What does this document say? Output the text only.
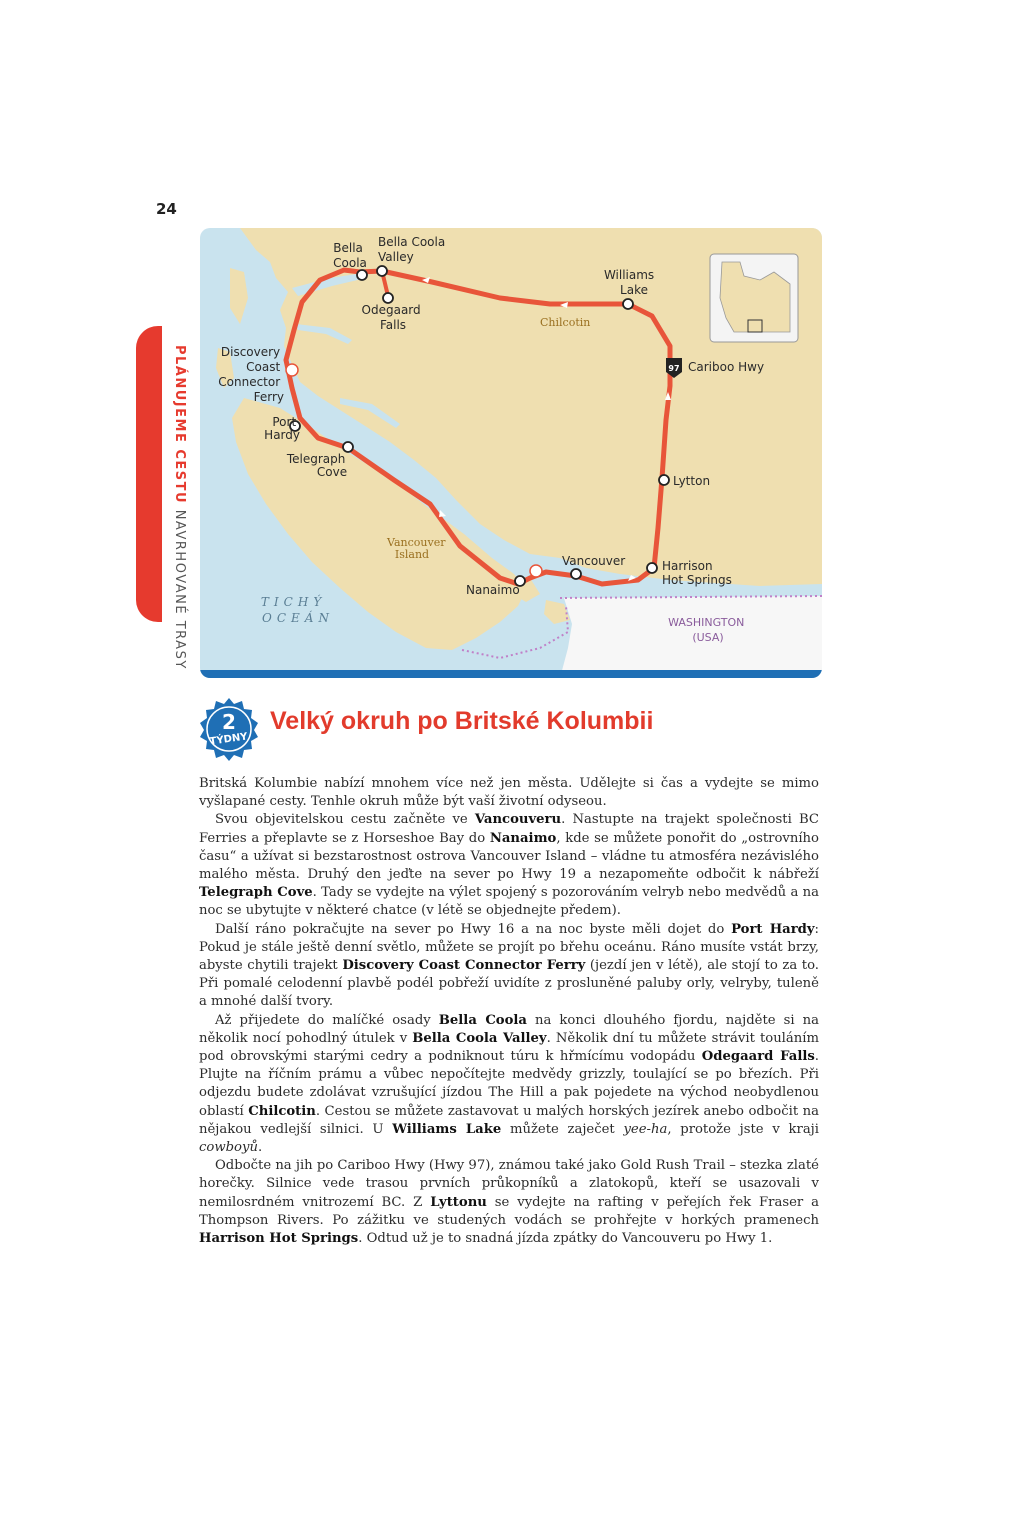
24
PLÁNUJEME CESTU NAVRHOVANÉ TRASY
97
Bella Coola
Bella Coola Valley
Odegaard Falls
Williams Lake
Discovery Coast Connector Ferry
Port Hardy
Telegraph Cove
Lytton
Cariboo Hwy
Vancouver	Harrison Hot Springs
Nanaimo
Chilcotin
Vancouver Island
TICHÝ OCEÁN	WASHINGTON (USA)
2
TÝDNY
Velký okruh po Britské Kolumbii

Britská Kolumbie nabízí mnohem více než jen města. Udělejte si čas a vydejte se mimo vyšlapané cesty. Tenhle okruh může být vaší životní odyseou.

Svou objevitelskou cestu začněte ve Vancouveru. Nastupte na trajekt společnosti BC Ferries a přeplavte se z Horseshoe Bay do Nanaimo, kde se můžete ponořit do „ostrovního času“ a užívat si bezstarostnost ostrova Vancouver Island – vládne tu atmosféra nezávislého malého města. Druhý den jeďte na sever po Hwy 19 a nezapomeňte odbočit k nábřeží Telegraph Cove. Tady se vydejte na výlet spojený s pozorováním velryb nebo medvědů a na noc se ubytujte v některé chatce (v létě se objednejte předem).

Další ráno pokračujte na sever po Hwy 16 a na noc byste měli dojet do Port Hardy: Pokud je stále ještě denní světlo, můžete se projít po břehu oceánu. Ráno musíte vstát brzy, abyste chytili trajekt Discovery Coast Connector Ferry (jezdí jen v létě), ale stojí to za to. Při pomalé celodenní plavbě podél pobřeží uvidíte z prosluněné paluby orly, velryby, tuleně a mnohé další tvory.

Až přijedete do malíčké osady Bella Coola na konci dlouhého fjordu, najděte si na několik nocí pohodlný útulek v Bella Coola Valley. Několik dní tu můžete strávit touláním pod obrovskými starými cedry a podniknout túru k hřmícímu vodopádu Odegaard Falls. Plujte na říčním prámu a vůbec nepočítejte medvědy grizzly, toulající se po březích. Při odjezdu budete zdolávat vzrušující jízdou The Hill a pak pojedete na východ neobydlenou oblastí Chilcotin. Cestou se můžete zastavovat u malých horských jezírek anebo odbočit na nějakou vedlejší silnici. U Williams Lake můžete zaječet yee-ha, protože jste v kraji cowboyů.

Odbočte na jih po Cariboo Hwy (Hwy 97), známou také jako Gold Rush Trail – stezka zlaté horečky. Silnice vede trasou prvních průkopníků a zlatokopů, kteří se usazovali v nemilosrdném vnitrozemí BC. Z Lyttonu se vydejte na rafting v peřejích řek Fraser a Thompson Rivers. Po zážitku ve studených vodách se prohřejte v horkých pramenech Harrison Hot Springs. Odtud už je to snadná jízda zpátky do Vancouveru po Hwy 1.
